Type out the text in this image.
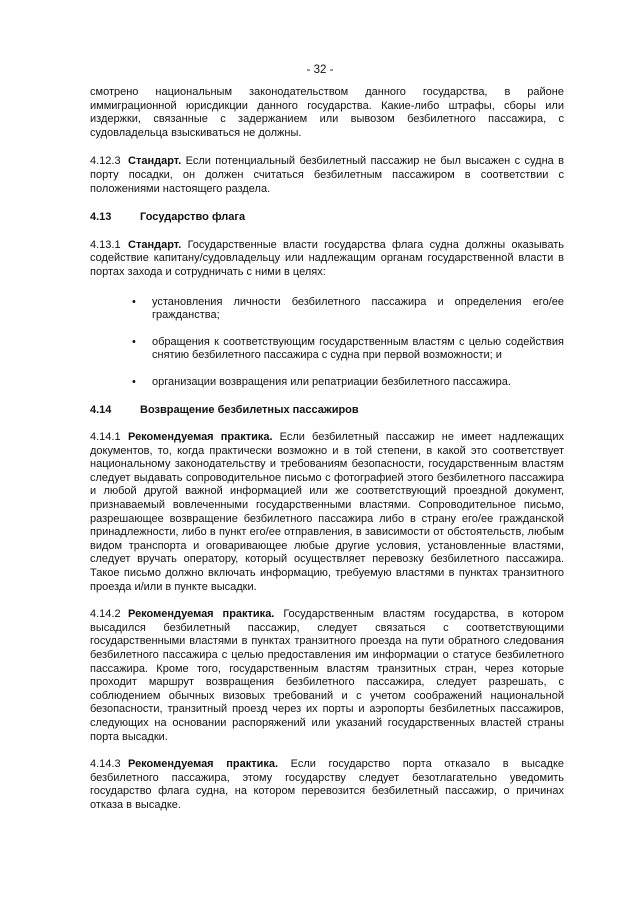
- 32 -

смотрено национальным законодательством данного государства, в районе иммиграционной юрисдикции данного государства. Какие-либо штрафы, сборы или издержки, связанные с задержанием или вывозом безбилетного пассажира, с судовладельца взыскиваться не должны.

4.12.3 Стандарт. Если потенциальный безбилетный пассажир не был высажен с судна в порту посадки, он должен считаться безбилетным пассажиром в соответствии с положениями настоящего раздела.

4.13	Государство флага

4.13.1 Стандарт. Государственные власти государства флага судна должны оказывать содействие капитану/судовладельцу или надлежащим органам государственной власти в портах захода и сотрудничать с ними в целях:

• установления личности безбилетного пассажира и определения его/ее гражданства;
• обращения к соответствующим государственным властям с целью содействия снятию безбилетного пассажира с судна при первой возможности; и
• организации возвращения или репатриации безбилетного пассажира.
4.14	Возвращение безбилетных пассажиров

4.14.1 Рекомендуемая практика. Если безбилетный пассажир не имеет надлежащих документов, то, когда практически возможно и в той степени, в какой это соответствует национальному законодательству и требованиям безопасности, государственным властям следует выдавать сопроводительное письмо с фотографией этого безбилетного пассажира и любой другой важной информацией или же соответствующий проездной документ, признаваемый вовлеченными государственными властями. Сопроводительное письмо, разрешающее возвращение безбилетного пассажира либо в страну его/ее гражданской принадлежности, либо в пункт его/ее отправления, в зависимости от обстоятельств, любым видом транспорта и оговаривающее любые другие условия, установленные властями, следует вручать оператору, который осуществляет перевозку безбилетного пассажира. Такое письмо должно включать информацию, требуемую властями в пунктах транзитного проезда и/или в пункте высадки.

4.14.2 Рекомендуемая практика. Государственным властям государства, в котором высадился безбилетный пассажир, следует связаться с соответствующими государственными властями в пунктах транзитного проезда на пути обратного следования безбилетного пассажира с целью предоставления им информации о статусе безбилетного пассажира. Кроме того, государственным властям транзитных стран, через которые проходит маршрут возвращения безбилетного пассажира, следует разрешать, с соблюдением обычных визовых требований и с учетом соображений национальной безопасности, транзитный проезд через их порты и аэропорты безбилетных пассажиров, следующих на основании распоряжений или указаний государственных властей страны порта высадки.

4.14.3 Рекомендуемая практика. Если государство порта отказало в высадке безбилетного пассажира, этому государству следует безотлагательно уведомить государство флага судна, на котором перевозится безбилетный пассажир, о причинах отказа в высадке.
